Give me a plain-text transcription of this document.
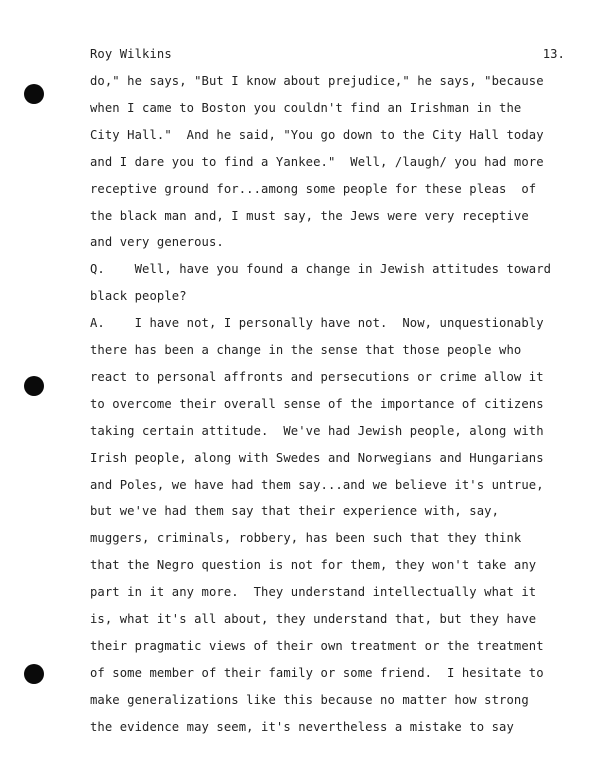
Roy Wilkins	13.
do," he says, "But I know about prejudice," he says, "because
when I came to Boston you couldn't find an Irishman in the
City Hall."  And he said, "You go down to the City Hall today
and I dare you to find a Yankee."  Well, /laugh/ you had more
receptive ground for...among some people for these pleas  of
the black man and, I must say, the Jews were very receptive
and very generous.
Q.    Well, have you found a change in Jewish attitudes toward
black people?
A.    I have not, I personally have not.  Now, unquestionably
there has been a change in the sense that those people who
react to personal affronts and persecutions or crime allow it
to overcome their overall sense of the importance of citizens
taking certain attitude.  We've had Jewish people, along with
Irish people, along with Swedes and Norwegians and Hungarians
and Poles, we have had them say...and we believe it's untrue,
but we've had them say that their experience with, say,
muggers, criminals, robbery, has been such that they think
that the Negro question is not for them, they won't take any
part in it any more.  They understand intellectually what it
is, what it's all about, they understand that, but they have
their pragmatic views of their own treatment or the treatment
of some member of their family or some friend.  I hesitate to
make generalizations like this because no matter how strong
the evidence may seem, it's nevertheless a mistake to say
